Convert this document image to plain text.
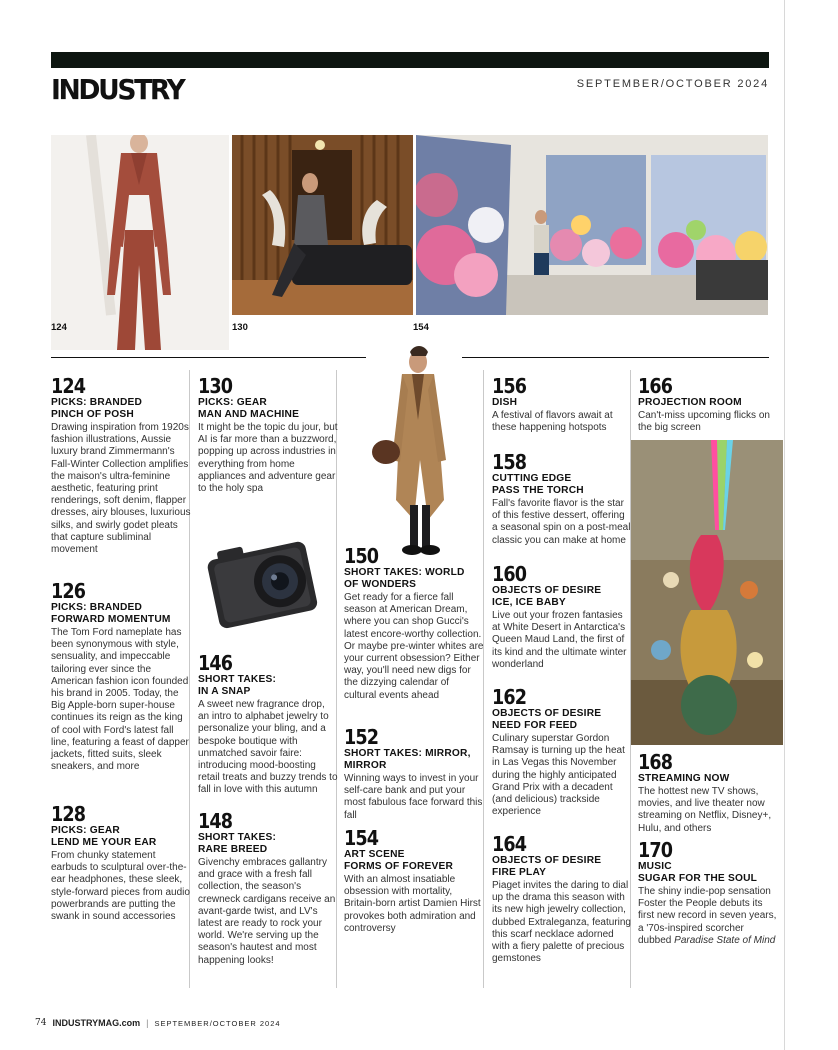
INDUSTRY	SEPTEMBER/OCTOBER 2024
124	130	154
124
PICKS: BRANDED
PINCH OF POSH
Drawing inspiration from 1920s fashion illustrations, Aussie luxury brand Zimmermann's Fall-Winter Collection amplifies the maison's ultra-feminine aesthetic, featuring print renderings, soft denim, flapper dresses, airy blouses, luxurious silks, and swirly godet pleats that capture subliminal movement
126
PICKS: BRANDED
FORWARD MOMENTUM
The Tom Ford nameplate has been synonymous with style, sensuality, and impeccable tailoring ever since the American fashion icon founded his brand in 2005. Today, the Big Apple-born super-house continues its reign as the king of cool with Ford's latest fall line, featuring a feast of dapper jackets, fitted suits, sleek sneakers, and more
128
PICKS: GEAR
LEND ME YOUR EAR
From chunky statement earbuds to sculptural over-the-ear headphones, these sleek, style-forward pieces from audio powerbrands are putting the swank in sound accessories
130
PICKS: GEAR
MAN AND MACHINE
It might be the topic du jour, but AI is far more than a buzzword, popping up across industries in everything from home appliances and adventure gear to the holy spa
146
SHORT TAKES:
IN A SNAP
A sweet new fragrance drop, an intro to alphabet jewelry to personalize your bling, and a bespoke boutique with unmatched savoir faire: introducing mood-boosting retail treats and buzzy trends to fall in love with this autumn
148
SHORT TAKES:
RARE BREED
Givenchy embraces gallantry and grace with a fresh fall collection, the season's crewneck cardigans receive an avant-garde twist, and LV's latest are ready to rock your world. We're serving up the season's hautest and most happening looks!
150
SHORT TAKES: WORLD
OF WONDERS
Get ready for a fierce fall season at American Dream, where you can shop Gucci's latest encore-worthy collection. Or maybe pre-winter whites are your current obsession? Either way, you'll need new digs for the dizzying calendar of cultural events ahead
152
SHORT TAKES: MIRROR,
MIRROR
Winning ways to invest in your self-care bank and put your most fabulous face forward this fall
154
ART SCENE
FORMS OF FOREVER
With an almost insatiable obsession with mortality, Britain-born artist Damien Hirst provokes both admiration and controversy
156
DISH
A festival of flavors await at these happening hotspots
158
CUTTING EDGE
PASS THE TORCH
Fall's favorite flavor is the star of this festive dessert, offering a seasonal spin on a post-meal classic you can make at home
160
OBJECTS OF DESIRE
ICE, ICE BABY
Live out your frozen fantasies at White Desert in Antarctica's Queen Maud Land, the first of its kind and the ultimate winter wonderland
162
OBJECTS OF DESIRE
NEED FOR FEED
Culinary superstar Gordon Ramsay is turning up the heat in Las Vegas this November during the highly anticipated Grand Prix with a decadent (and delicious) trackside experience
164
OBJECTS OF DESIRE
FIRE PLAY
Piaget invites the daring to dial up the drama this season with its new high jewelry collection, dubbed Extraleganza, featuring this scarf necklace adorned with a fiery palette of precious gemstones
166
PROJECTION ROOM
Can't-miss upcoming flicks on the big screen
168
STREAMING NOW
The hottest new TV shows, movies, and live theater now streaming on Netflix, Disney+, Hulu, and others
170
MUSIC
SUGAR FOR THE SOUL
The shiny indie-pop sensation Foster the People debuts its first new record in seven years, a '70s-inspired scorcher dubbed Paradise State of Mind
74 INDUSTRYMAG.com | SEPTEMBER/OCTOBER 2024
